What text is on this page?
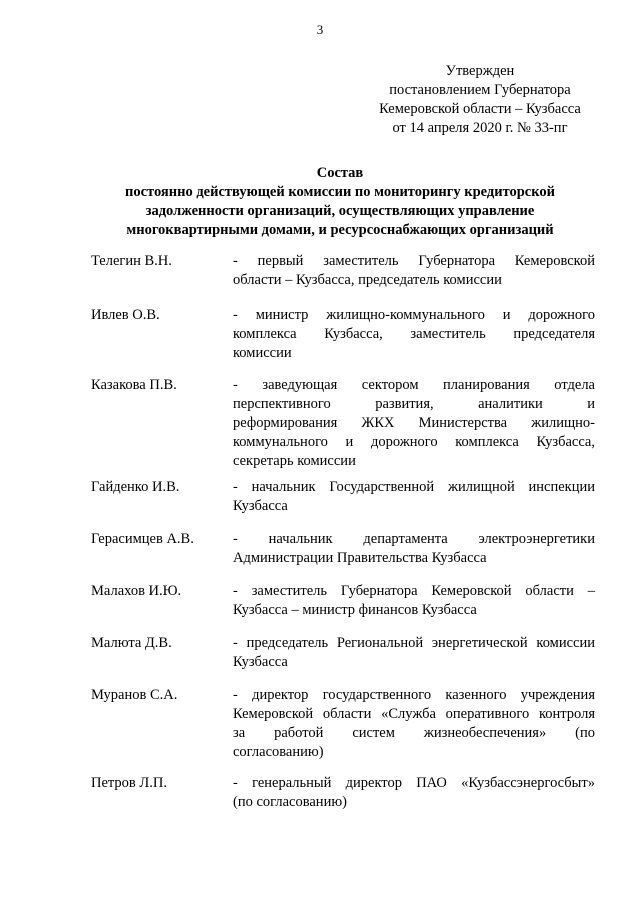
3
Утвержден
постановлением Губернатора
Кемеровской области – Кузбасса
от 14 апреля 2020 г. № 33-пг
Состав
постоянно действующей комиссии по мониторингу кредиторской
задолженности организаций, осуществляющих управление
многоквартирными домами, и ресурсоснабжающих организаций
Телегин В.Н.	- первый заместитель Губернатора Кемеровской
области – Кузбасса, председатель комиссии
Ивлев О.В.	- министр жилищно-коммунального и дорожного
комплекса Кузбасса, заместитель председателя
комиссии
Казакова П.В.	- заведующая сектором планирования отдела
перспективного развития, аналитики и
реформирования ЖКХ Министерства жилищно-
коммунального и дорожного комплекса Кузбасса,
секретарь комиссии
Гайденко И.В.	- начальник Государственной жилищной инспекции
Кузбасса
Герасимцев А.В.	- начальник департамента электроэнергетики
Администрации Правительства Кузбасса
Малахов И.Ю.	- заместитель Губернатора Кемеровской области –
Кузбасса – министр финансов Кузбасса
Малюта Д.В.	- председатель Региональной энергетической комиссии
Кузбасса
Муранов С.А.	- директор государственного казенного учреждения
Кемеровской области «Служба оперативного контроля
за работой систем жизнеобеспечения» (по
согласованию)
Петров Л.П.	- генеральный директор ПАО «Кузбассэнергосбыт»
(по согласованию)
